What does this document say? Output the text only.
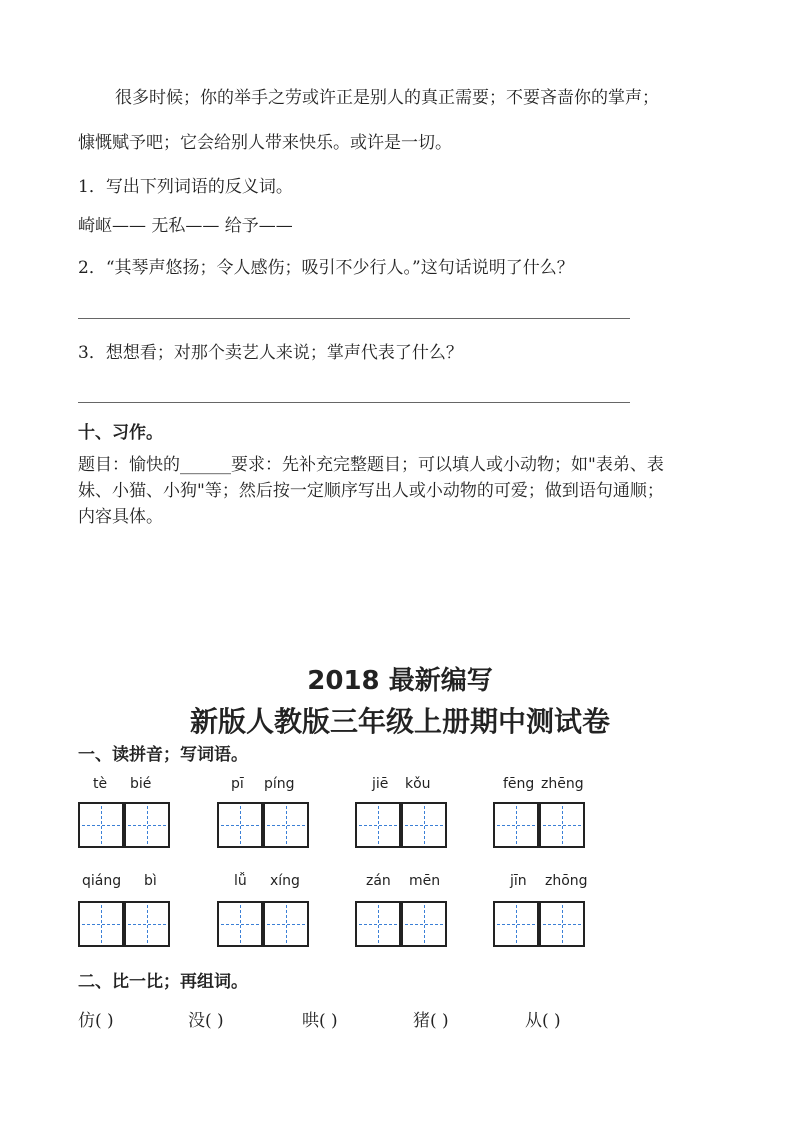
很多时候；你的举手之劳或许正是别人的真正需要；不要吝啬你的掌声；
慷慨赋予吧；它会给别人带来快乐。或许是一切。
1．写出下列词语的反义词。
崎岖—— 无私—— 给予——
2．“其琴声悠扬；令人感伤；吸引不少行人。”这句话说明了什么？
3．想想看；对那个卖艺人来说；掌声代表了什么？
十、习作。
题目：愉快的______要求：先补充完整题目；可以填人或小动物；如"表弟、表
妹、小猫、小狗"等；然后按一定顺序写出人或小动物的可爱；做到语句通顺；
内容具体。
2018 最新编写
新版人教版三年级上册期中测试卷
一、读拼音；写词语。
tè bié	pī píng	jiē kǒu	fēng zhēng
qiáng bì	lǚ xíng	zán mēn	jīn zhōng
二、比一比；再组词。
仿( )	没( )	哄( )	猪( )	从( )
